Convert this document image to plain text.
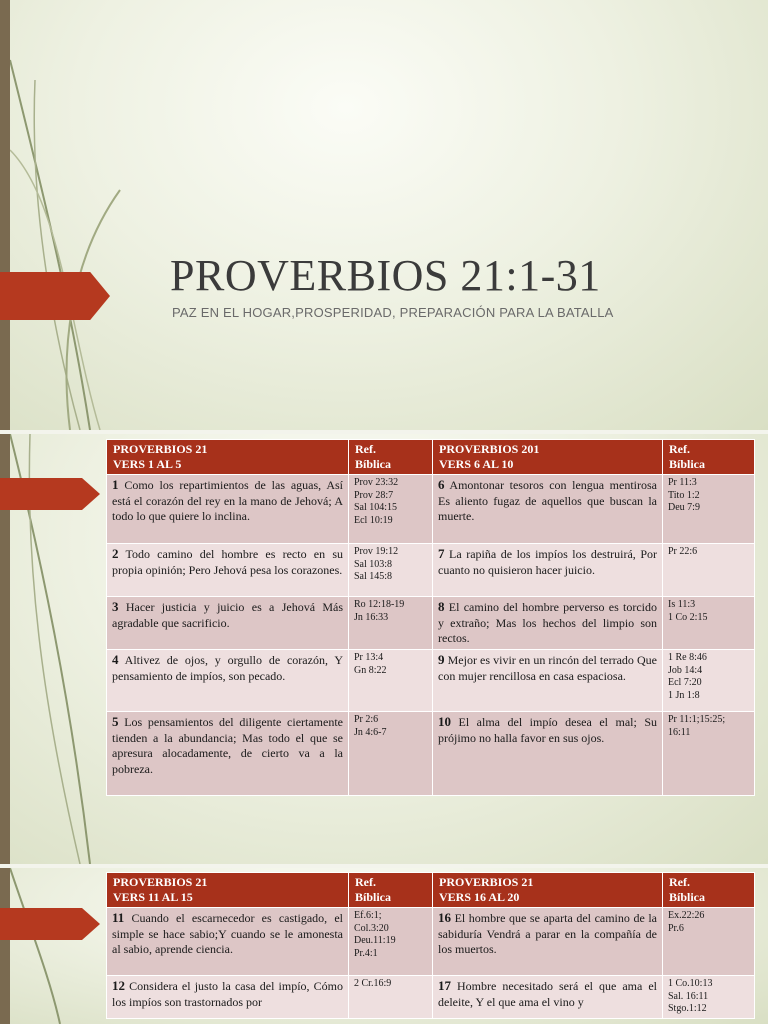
PROVERBIOS 21:1-31
PAZ EN EL HOGAR,PROSPERIDAD, PREPARACIÓN PARA LA BATALLA
PROVERBIOS 21
VERS 1 AL 5	Ref.
Bíblica	PROVERBIOS 201
VERS 6 AL 10	Ref.
Bíblica

1 Como los repartimientos de las aguas, Así está el corazón del rey en la mano de Jehová; A todo lo que quiere lo inclina.	Prov 23:32
Prov 28:7
Sal 104:15
Ecl 10:19	6 Amontonar tesoros con lengua mentirosa Es aliento fugaz de aquellos que buscan la muerte.	Pr 11:3
Tito 1:2
Deu 7:9
2 Todo camino del hombre es recto en su propia opinión; Pero Jehová pesa los corazones.	Prov 19:12
Sal 103:8
Sal 145:8	7 La rapiña de los impíos los destruirá, Por cuanto no quisieron hacer juicio.	Pr 22:6
3 Hacer justicia y juicio es a Jehová Más agradable que sacrificio.	Ro 12:18-19
Jn 16:33	8 El camino del hombre perverso es torcido y extraño; Mas los hechos del limpio son rectos.	Is 11:3
1 Co 2:15
4 Altivez de ojos, y orgullo de corazón, Y pensamiento de impíos, son pecado.	Pr 13:4
Gn 8:22	9 Mejor es vivir en un rincón del terrado Que con mujer rencillosa en casa espaciosa.	1 Re 8:46
Job 14:4
Ecl 7:20
1 Jn 1:8
5 Los pensamientos del diligente ciertamente tienden a la abundancia; Mas todo el que se apresura alocadamente, de cierto va a la pobreza.	Pr 2:6
Jn 4:6-7	10 El alma del impío desea el mal; Su prójimo no halla favor en sus ojos.	Pr 11:1;15:25;
16:11
PROVERBIOS 21
VERS 11 AL 15	Ref.
Bíblica	PROVERBIOS 21
VERS 16 AL 20	Ref.
Bíblica

11 Cuando el escarnecedor es castigado, el simple se hace sabio;Y cuando se le amonesta al sabio, aprende ciencia.	Ef.6:1;
Col.3:20
Deu.11:19
Pr.4:1	16 El hombre que se aparta del camino de la sabiduría Vendrá a parar en la compañía de los muertos.	Ex.22:26
Pr.6
12 Considera el justo la casa del impío, Cómo los impíos son trastornados por	2 Cr.16:9	17 Hombre necesitado será el que ama el deleite, Y el que ama el vino y	1 Co.10:13
Sal. 16:11
Stgo.1:12
